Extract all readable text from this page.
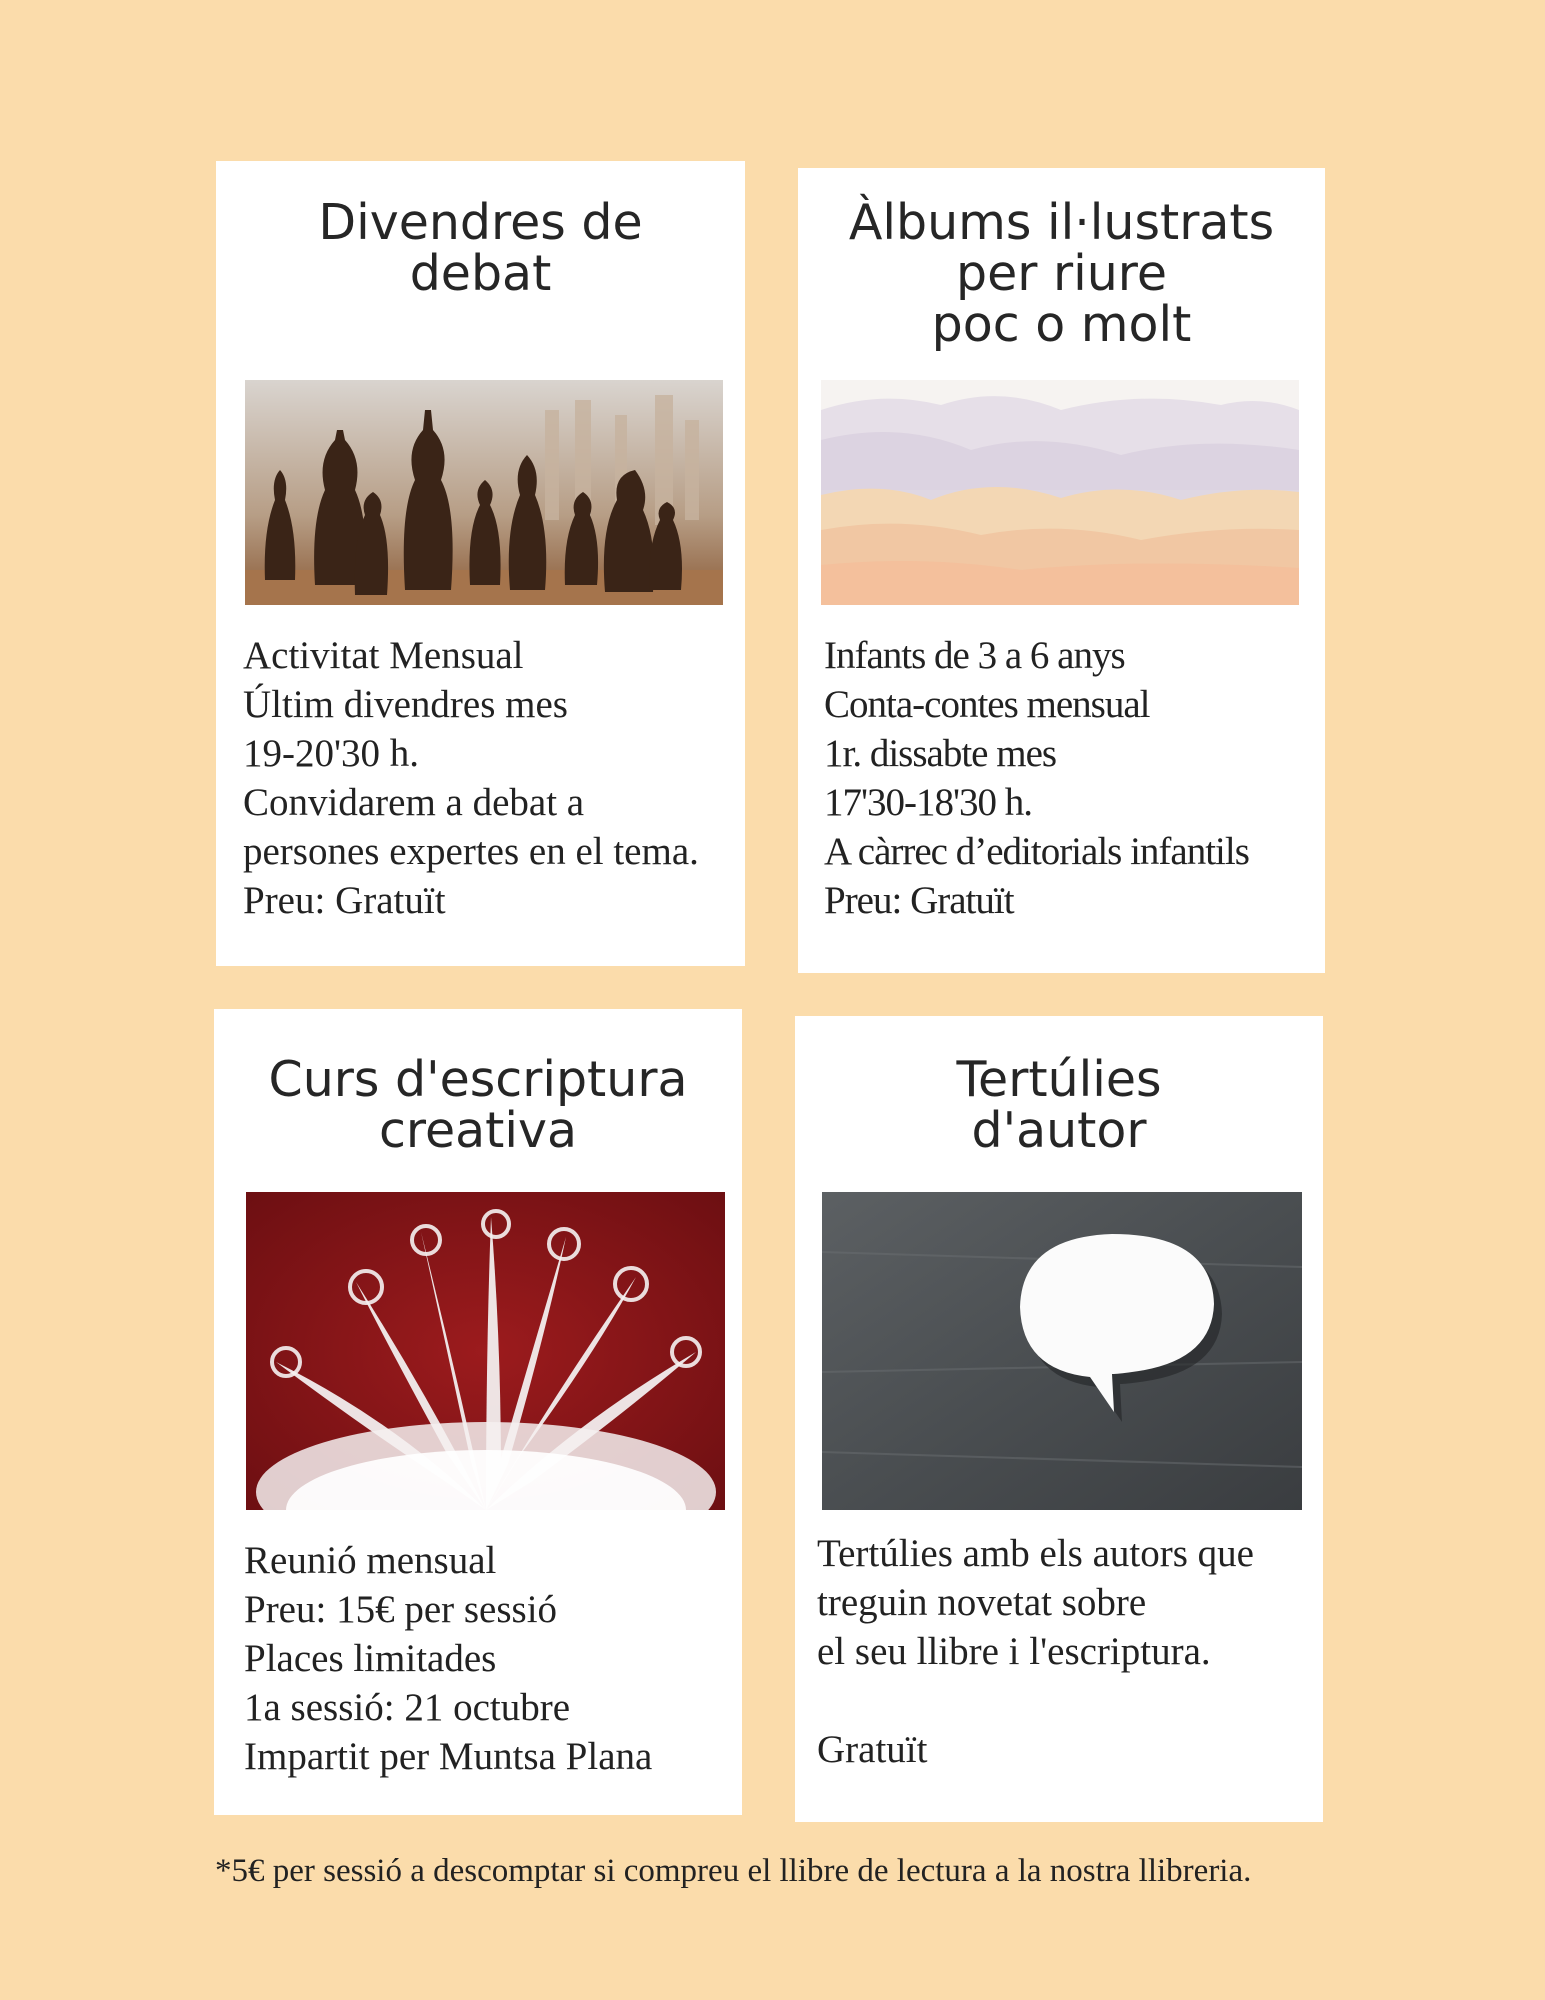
Divendres de
debat
Activitat Mensual
Últim divendres mes
19-20'30 h.
Convidarem a debat a
persones expertes en el tema.
Preu: Gratuït
Àlbums il·lustrats
per riure
poc o molt
Infants de 3 a 6 anys
Conta-contes mensual
1r. dissabte mes
17'30-18'30 h.
A càrrec d’editorials infantils
Preu: Gratuït
Curs d'escriptura
creativa
Reunió mensual
Preu: 15€ per sessió
Places limitades
1a sessió: 21 octubre
Impartit per Muntsa Plana
Tertúlies
d'autor
Tertúlies amb els autors que
treguin novetat sobre
el seu llibre i l'escriptura.
Gratuït
*5€ per sessió a descomptar si compreu el llibre de lectura a la nostra llibreria.
